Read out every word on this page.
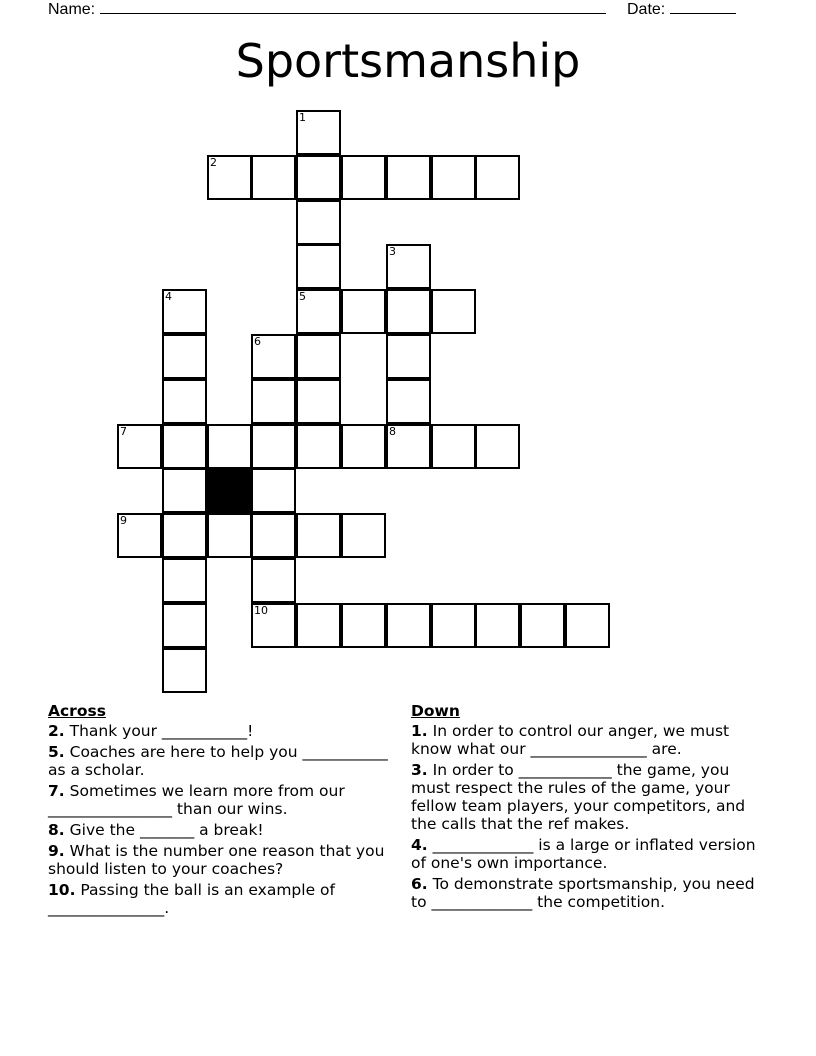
Name:	Date:
Sportsmanship
1
2
3
4	5
6
7	8
9
10
Across
2. Thank your ___________!
5. Coaches are here to help you ___________ as a scholar.
7. Sometimes we learn more from our ________________ than our wins.
8. Give the _______ a break!
9. What is the number one reason that you should listen to your coaches?
10. Passing the ball is an example of _______________.
Down
1. In order to control our anger, we must know what our _______________ are.
3. In order to ____________ the game, you must respect the rules of the game, your fellow team players, your competitors, and the calls that the ref makes.
4. _____________ is a large or inflated version of one's own importance.
6. To demonstrate sportsmanship, you need to _____________ the competition.
